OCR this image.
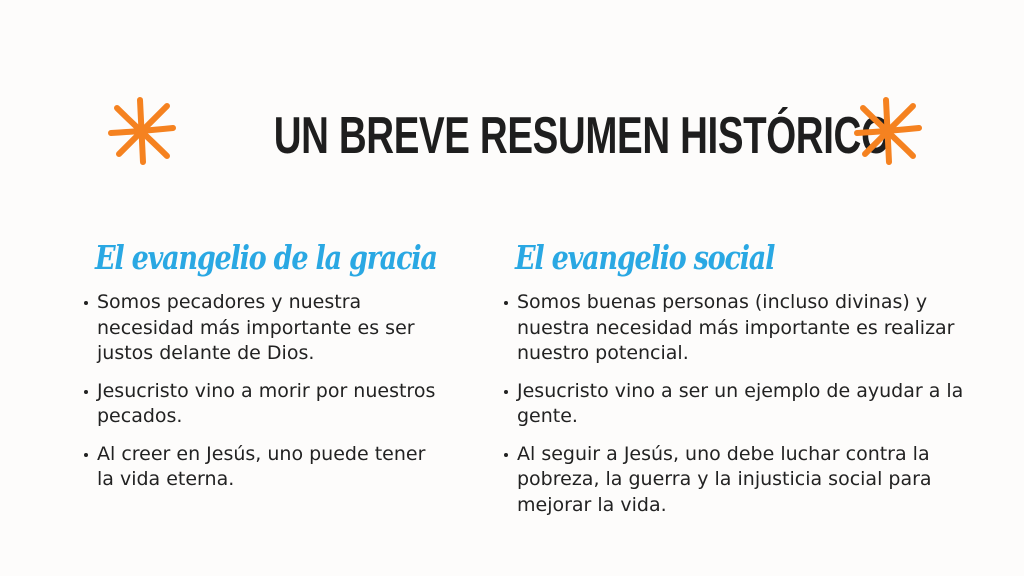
UN BREVE RESUMEN HISTÓRICO
El evangelio de la gracia
Somos pecadores y nuestra necesidad más importante es ser justos delante de Dios.
Jesucristo vino a morir por nuestros pecados.
Al creer en Jesús, uno puede tener la vida eterna.
El evangelio social
Somos buenas personas (incluso divinas) y nuestra necesidad más importante es realizar nuestro potencial.
Jesucristo vino a ser un ejemplo de ayudar a la gente.
Al seguir a Jesús, uno debe luchar contra la pobreza, la guerra y la injusticia social para mejorar la vida.
